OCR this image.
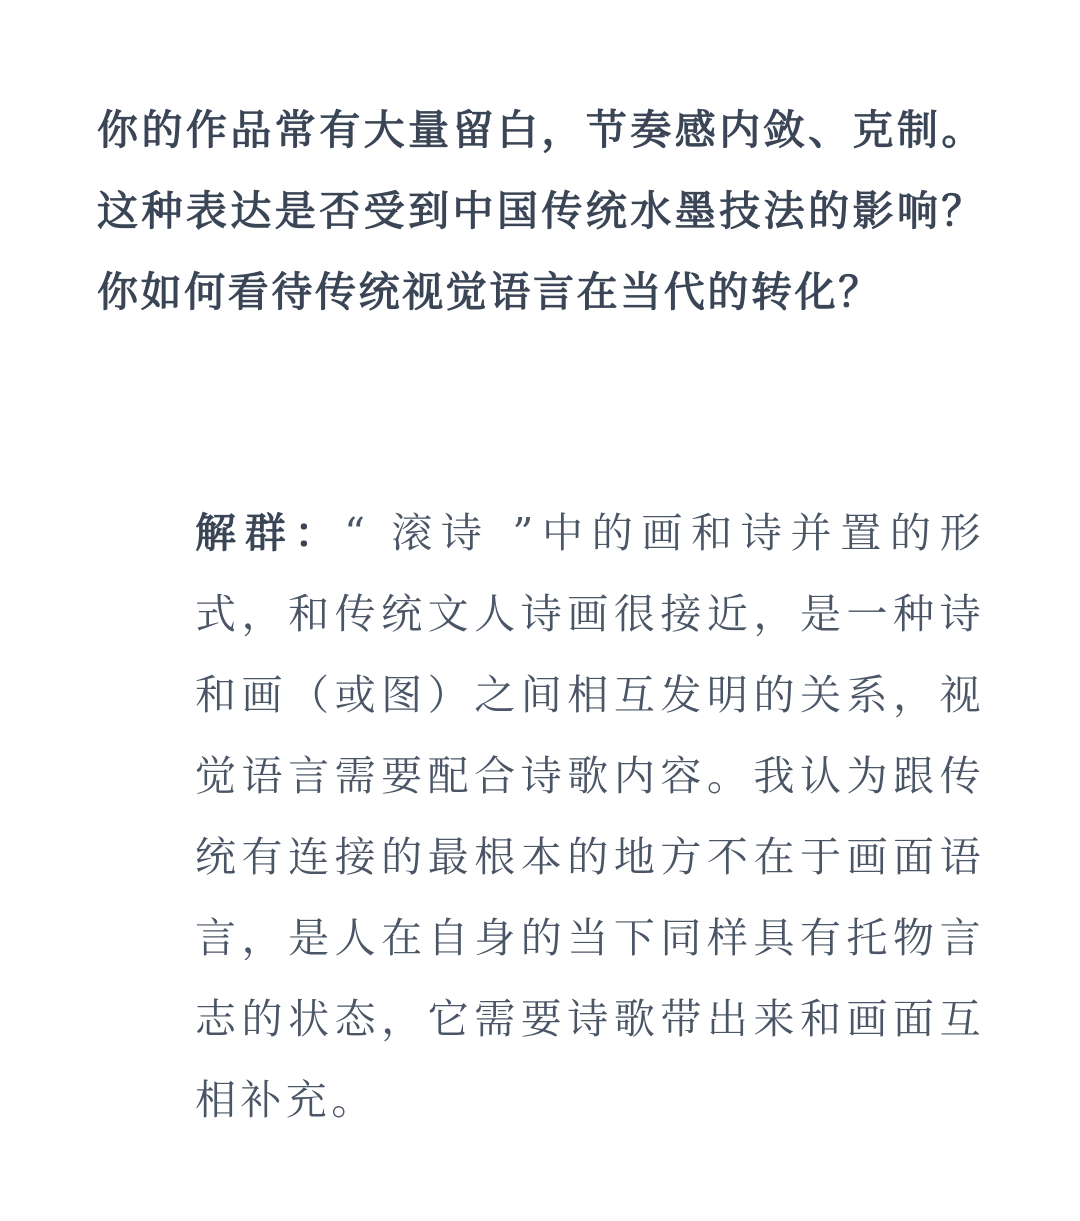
你的作品常有大量留白，节奏感内敛、克制。这种表达是否受到中国传统水墨技法的影响？你如何看待传统视觉语言在当代的转化？

解群：“ 滚诗 ”中的画和诗并置的形式，和传统文人诗画很接近，是一种诗和画（或图）之间相互发明的关系，视觉语言需要配合诗歌内容。我认为跟传统有连接的最根本的地方不在于画面语言，是人在自身的当下同样具有托物言志的状态，它需要诗歌带出来和画面互相补充。
